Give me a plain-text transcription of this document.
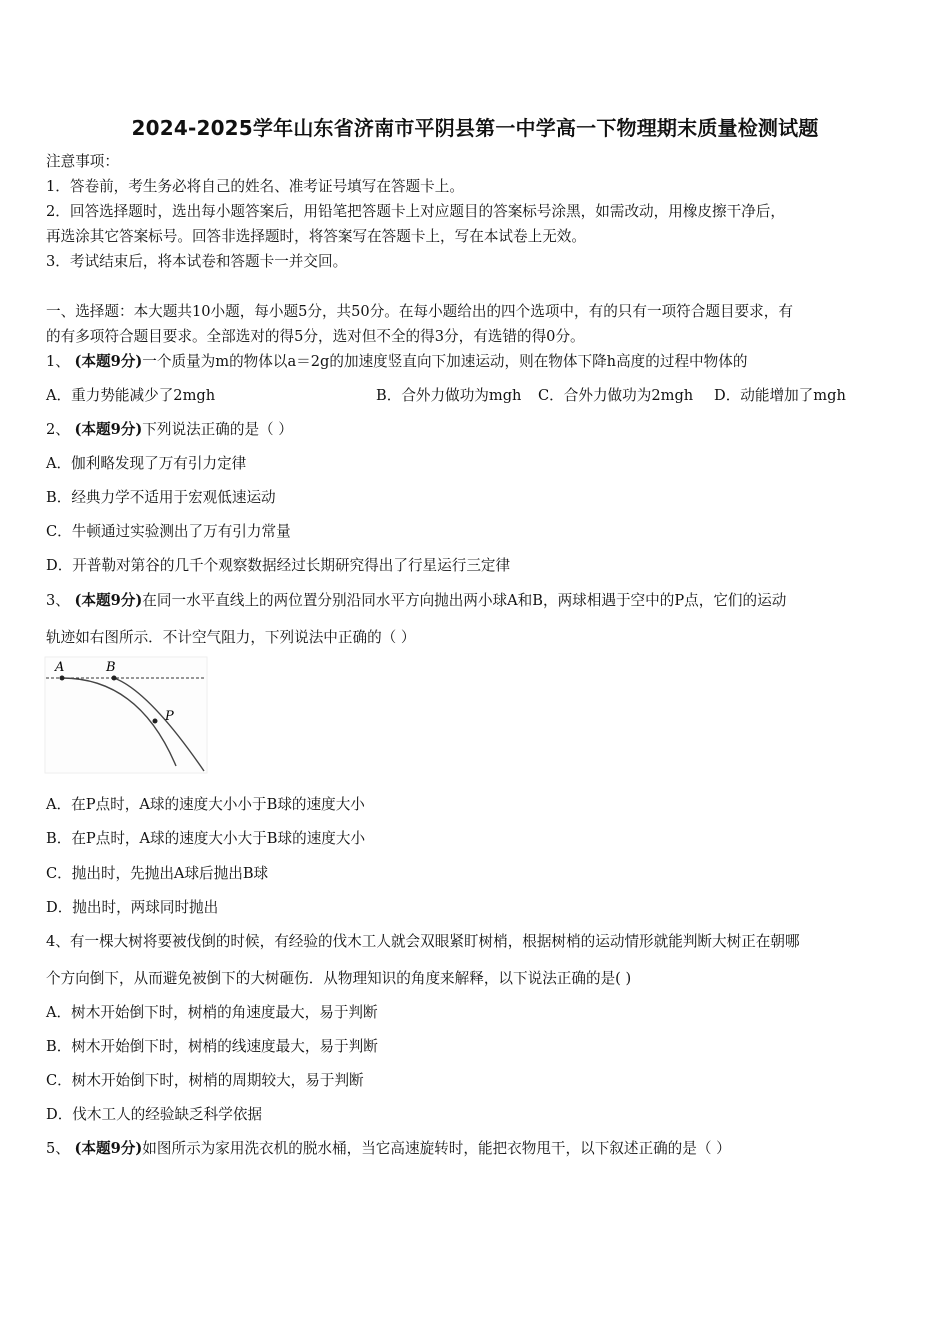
2024-2025学年山东省济南市平阴县第一中学高一下物理期末质量检测试题
注意事项：
1．答卷前，考生务必将自己的姓名、准考证号填写在答题卡上。
2．回答选择题时，选出每小题答案后，用铅笔把答题卡上对应题目的答案标号涂黑，如需改动，用橡皮擦干净后，
再选涂其它答案标号。回答非选择题时，将答案写在答题卡上，写在本试卷上无效。
3．考试结束后，将本试卷和答题卡一并交回。
一、选择题：本大题共10小题，每小题5分，共50分。在每小题给出的四个选项中，有的只有一项符合题目要求，有
的有多项符合题目要求。全部选对的得5分，选对但不全的得3分，有选错的得0分。
1、 (本题9分)一个质量为m的物体以a＝2g的加速度竖直向下加速运动，则在物体下降h高度的过程中物体的
A．重力势能减少了2mgh	B．合外力做功为mgh C．合外力做功为2mgh D．动能增加了mgh
2、 (本题9分)下列说法正确的是（ ）
A．伽利略发现了万有引力定律
B．经典力学不适用于宏观低速运动
C．牛顿通过实验测出了万有引力常量
D．开普勒对第谷的几千个观察数据经过长期研究得出了行星运行三定律
3、 (本题9分)在同一水平直线上的两位置分别沿同水平方向抛出两小球A和B，两球相遇于空中的P点，它们的运动
轨迹如右图所示．不计空气阻力，下列说法中正确的（ ）
A	B
P
A．在P点时，A球的速度大小小于B球的速度大小
B．在P点时，A球的速度大小大于B球的速度大小
C．抛出时，先抛出A球后抛出B球
D．抛出时，两球同时抛出
4、有一棵大树将要被伐倒的时候，有经验的伐木工人就会双眼紧盯树梢，根据树梢的运动情形就能判断大树正在朝哪
个方向倒下，从而避免被倒下的大树砸伤．从物理知识的角度来解释，以下说法正确的是( )
A．树木开始倒下时，树梢的角速度最大，易于判断
B．树木开始倒下时，树梢的线速度最大，易于判断
C．树木开始倒下时，树梢的周期较大，易于判断
D．伐木工人的经验缺乏科学依据
5、 (本题9分)如图所示为家用洗衣机的脱水桶，当它高速旋转时，能把衣物甩干，以下叙述正确的是（ ）
